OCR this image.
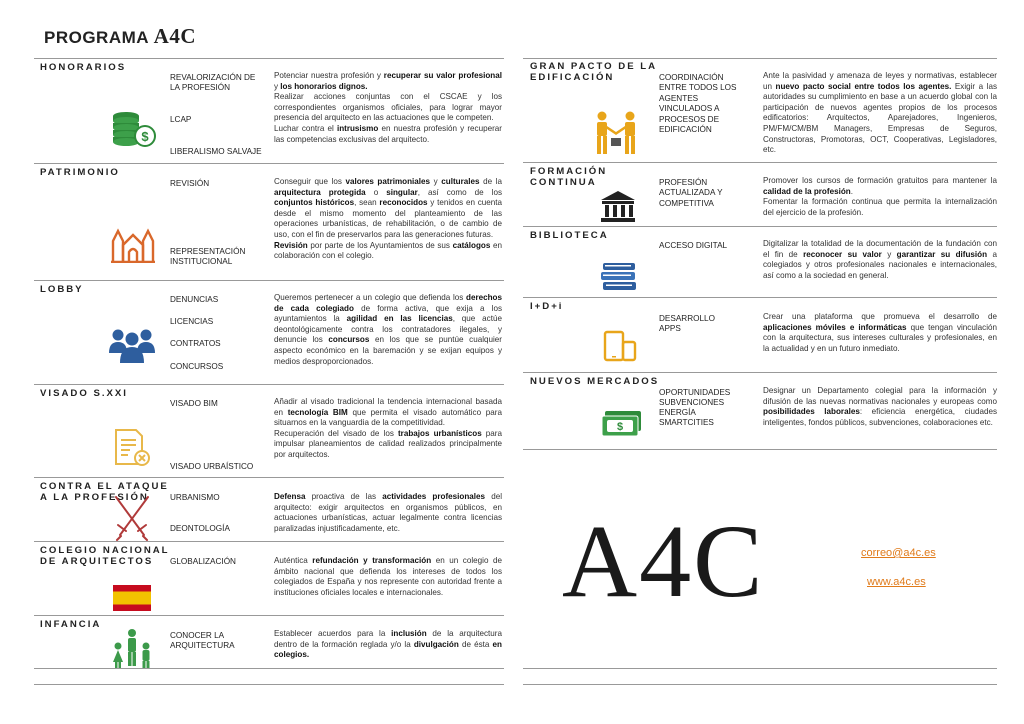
PROGRAMA A4C
HONORARIOS
REVALORIZACIÓN DE LA PROFESIÓN
LCAP
LIBERALISMO SALVAJE
$
Potenciar nuestra profesión y recuperar su valor profesional y los honorarios dignos.
Realizar acciones conjuntas con el CSCAE y los correspondientes organismos oficiales, para lograr mayor presencia del arquitecto en las actuaciones que le competen.
Luchar contra el intrusismo en nuestra profesión y recuperar las competencias exclusivas del arquitecto.
PATRIMONIO
REVISIÓN
REPRESENTACIÓN INSTITUCIONAL
Conseguir que los valores patrimoniales y culturales de la arquitectura protegida o singular, así como de los conjuntos históricos, sean reconocidos y tenidos en cuenta desde el mismo momento del planteamiento de las operaciones urbanísticas, de rehabilitación, o de cambio de uso, con el fin de preservarlos para las generaciones futuras.
Revisión por parte de los Ayuntamientos de sus catálogos en colaboración con el colegio.
LOBBY
DENUNCIAS
LICENCIAS
CONTRATOS
CONCURSOS
Queremos pertenecer a un colegio que defienda los derechos de cada colegiado de forma activa, que exija a los ayuntamientos la agilidad en las licencias, que actúe deontológicamente contra los contratadores ilegales, y denuncie los concursos en los que se puntúe cualquier aspecto económico en la baremación y se exijan equipos y medios desproporcionados.
VISADO S.XXI
VISADO BIM
VISADO URBAÍSTICO
Añadir al visado tradicional la tendencia internacional basada en tecnología BIM que permita el visado automático para situarnos en la vanguardia de la competitividad.
Recuperación del visado de los trabajos urbanísticos para impulsar planeamientos de calidad realizados principalmente por arquitectos.
CONTRA EL ATAQUE
A LA PROFESIÓN	URBANISMO
DEONTOLOGÍA
Defensa proactiva de las actividades profesionales del arquitecto: exigir arquitectos en organismos públicos, en actuaciones urbanísticas, actuar legalmente contra licencias paralizadas injustificadamente, etc.
COLEGIO NACIONAL
DE ARQUITECTOS	GLOBALIZACIÓN	Auténtica refundación y transformación en un colegio de ámbito nacional que defienda los intereses de todos los colegiados de España y nos represente con autoridad frente a instituciones oficiales locales e internacionales.
INFANCIA
CONOCER LA ARQUITECTURA
Establecer acuerdos para la inclusión de la arquitectura dentro de la formación reglada y/o la divulgación de ésta en colegios.
GRAN PACTO DE LA
EDIFICACIÓN	COORDINACIÓN ENTRE TODOS LOS AGENTES VINCULADOS A PROCESOS DE EDIFICACIÓN
Ante la pasividad y amenaza de leyes y normativas, establecer un nuevo pacto social entre todos los agentes. Exigir a las autoridades su cumplimiento en base a un acuerdo global con la participación de nuevos agentes propios de los procesos edificatorios: Arquitectos, Aparejadores, Ingenieros, PM/FM/CM/BM Managers, Empresas de Seguros, Constructoras, Promotoras, OCT, Cooperativas, Legisladores, etc.
FORMACIÓN
CONTINUA	PROFESIÓN ACTUALIZADA Y COMPETITIVA
Promover los cursos de formación gratuitos para mantener la calidad de la profesión.
Fomentar la formación continua que permita la internalización del ejercicio de la profesión.
BIBLIOTECA
ACCESO DIGITAL	Digitalizar la totalidad de la documentación de la fundación con el fin de reconocer su valor y garantizar su difusión a colegiados y otros profesionales nacionales e internacionales, así como a la sociedad en general.
I+D+i
DESARROLLO APPS
Crear una plataforma que promueva el desarrollo de aplicaciones móviles e informáticas que tengan vinculación con la arquitectura, sus intereses culturales y profesionales, en la actualidad y en un futuro inmediato.
NUEVOS MERCADOS
OPORTUNIDADES
SUBVENCIONES
ENERGÍA
SMARTCITIES
$
Designar un Departamento colegial para la información y difusión de las nuevas normativas nacionales y europeas como posibilidades laborales: eficiencia energética, ciudades inteligentes, fondos públicos, subvenciones, colaboraciones etc.
A4C	correo@a4c.es
www.a4c.es
